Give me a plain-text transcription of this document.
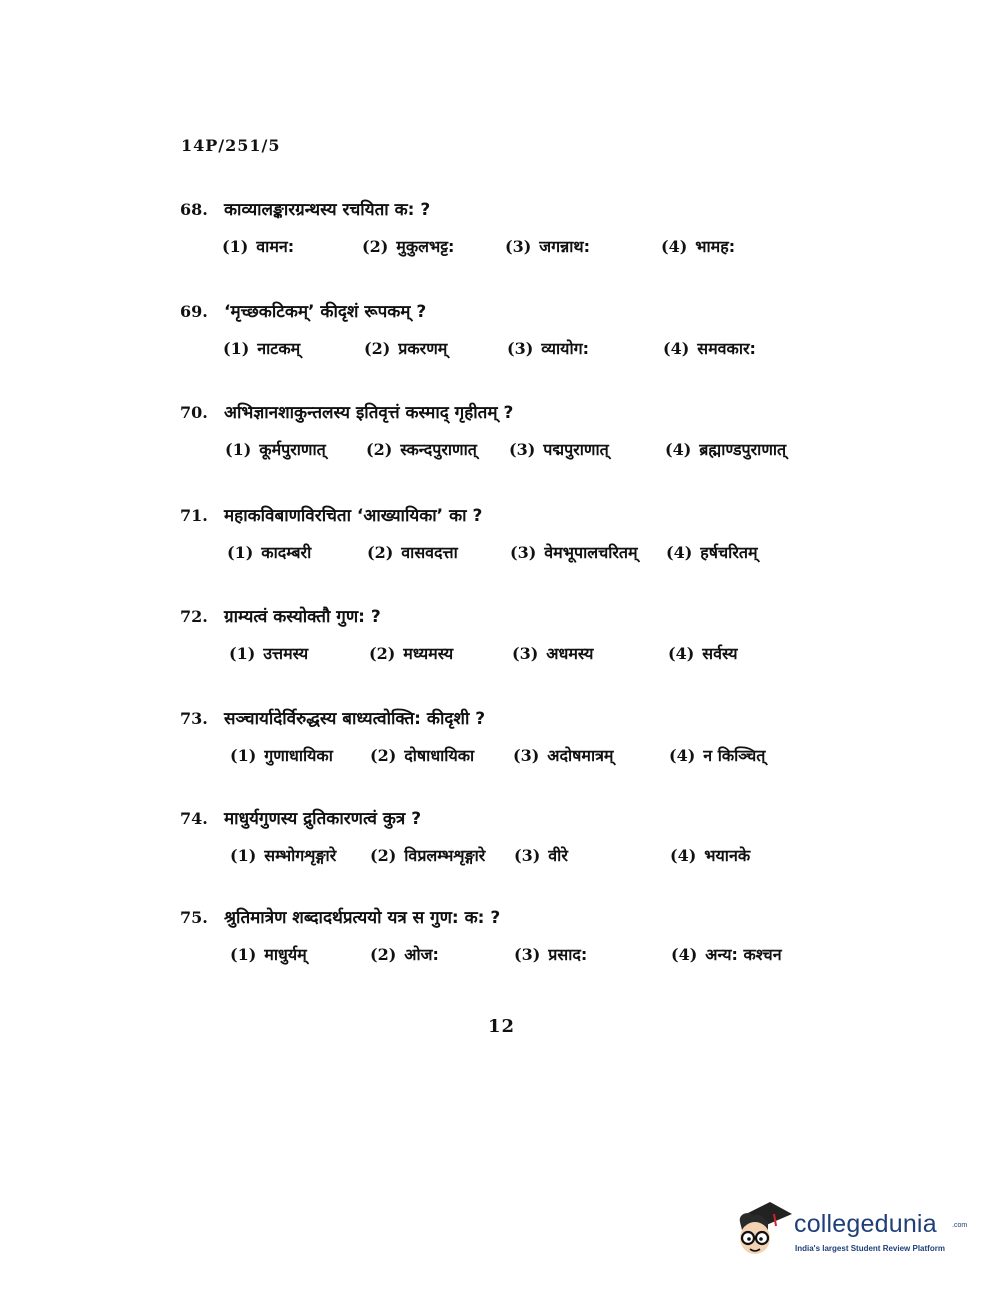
14P/251/5
68. काव्यालङ्कारग्रन्थस्य रचयिता क: ?
(1) वामन:	(2) मुकुलभट्ट:	(3) जगन्नाथ:	(4) भामह:
69. ‘मृच्छकटिकम्’ कीदृशं रूपकम् ?
(1) नाटकम्	(2) प्रकरणम्	(3) व्यायोग:	(4) समवकार:
70. अभिज्ञानशाकुन्तलस्य इतिवृत्तं कस्माद् गृहीतम् ?
(1) कूर्मपुराणात्	(2) स्कन्दपुराणात् (3) पद्मपुराणात्	(4) ब्रह्माण्डपुराणात्
71. महाकविबाणविरचिता ‘आख्यायिका’ का ?
(1) कादम्बरी	(2) वासवदत्ता	(3) वेमभूपालचरितम् (4) हर्षचरितम्
72. ग्राम्यत्वं कस्योक्तौ गुण: ?
(1) उत्तमस्य	(2) मध्यमस्य	(3) अधमस्य	(4) सर्वस्य
73. सञ्चार्यादेर्विरुद्धस्य बाध्यत्वोक्ति: कीदृशी ?
(1) गुणाधायिका (2) दोषाधायिका (3) अदोषमात्रम्	(4) न किञ्चित्
74. माधुर्यगुणस्य द्रुतिकारणत्वं कुत्र ?
(1) सम्भोगशृङ्गारे (2) विप्रलम्भशृङ्गारे (3) वीरे	(4) भयानके
75. श्रुतिमात्रेण शब्दादर्थप्रत्ययो यत्र स गुण: क: ?
(1) माधुर्यम्	(2) ओज:	(3) प्रसाद:	(4) अन्य: कश्चन
12
collegedunia .com
India's largest Student Review Platform
